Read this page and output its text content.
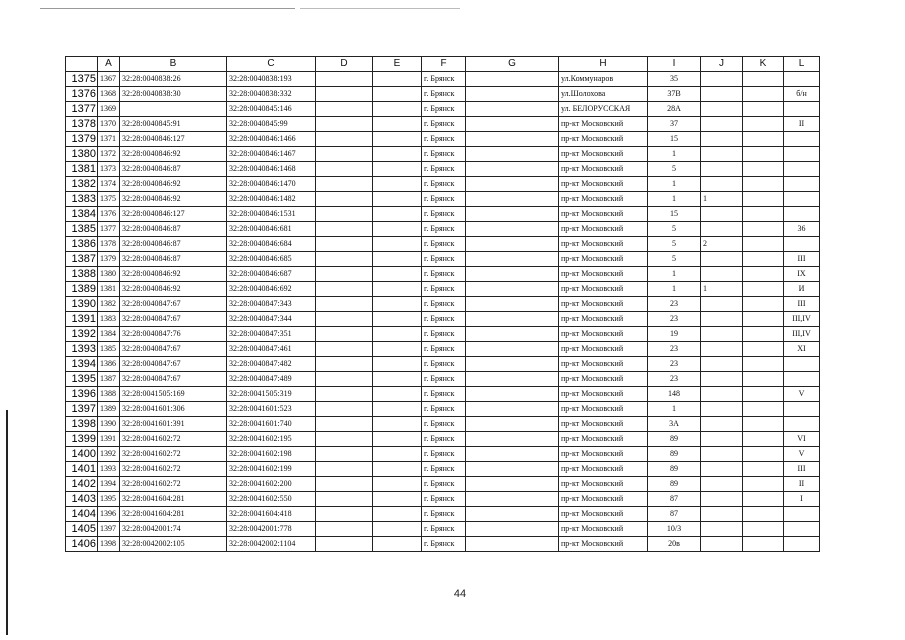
	A	B	C	D	E	F	G	H	I	J	K	L
1375	1367	32:28:0040838:26	32:28:0040838:193			г. Брянск		ул.Коммунаров	35			
1376	1368	32:28:0040838:30	32:28:0040838:332			г. Брянск		ул.Шолохова	37В			б/н
1377	1369		32:28:0040845:146			г. Брянск		ул. БЕЛОРУССКАЯ	28А			
1378	1370	32:28:0040845:91	32:28:0040845:99			г. Брянск		пр-кт Московский	37			II
1379	1371	32:28:0040846:127	32:28:0040846:1466			г. Брянск		пр-кт Московский	15			
1380	1372	32:28:0040846:92	32:28:0040846:1467			г. Брянск		пр-кт Московский	1			
1381	1373	32:28:0040846:87	32:28:0040846:1468			г. Брянск		пр-кт Московский	5			
1382	1374	32:28:0040846:92	32:28:0040846:1470			г. Брянск		пр-кт Московский	1			
1383	1375	32:28:0040846:92	32:28:0040846:1482			г. Брянск		пр-кт Московский	1	1		
1384	1376	32:28:0040846:127	32:28:0040846:1531			г. Брянск		пр-кт Московский	15			
1385	1377	32:28:0040846:87	32:28:0040846:681			г. Брянск		пр-кт Московский	5			36
1386	1378	32:28:0040846:87	32:28:0040846:684			г. Брянск		пр-кт Московский	5	2		
1387	1379	32:28:0040846:87	32:28:0040846:685			г. Брянск		пр-кт Московский	5			III
1388	1380	32:28:0040846:92	32:28:0040846:687			г. Брянск		пр-кт Московский	1			IX
1389	1381	32:28:0040846:92	32:28:0040846:692			г. Брянск		пр-кт Московский	1	1		И
1390	1382	32:28:0040847:67	32:28:0040847:343			г. Брянск		пр-кт Московский	23			III
1391	1383	32:28:0040847:67	32:28:0040847:344			г. Брянск		пр-кт Московский	23			III,IV
1392	1384	32:28:0040847:76	32:28:0040847:351			г. Брянск		пр-кт Московский	19			III,IV
1393	1385	32:28:0040847:67	32:28:0040847:461			г. Брянск		пр-кт Московский	23			XI
1394	1386	32:28:0040847:67	32:28:0040847:482			г. Брянск		пр-кт Московский	23			
1395	1387	32:28:0040847:67	32:28:0040847:489			г. Брянск		пр-кт Московский	23			
1396	1388	32:28:0041505:169	32:28:0041505:319			г. Брянск		пр-кт Московский	148			V
1397	1389	32:28:0041601:306	32:28:0041601:523			г. Брянск		пр-кт Московский	1			
1398	1390	32:28:0041601:391	32:28:0041601:740			г. Брянск		пр-кт Московский	3А			
1399	1391	32:28:0041602:72	32:28:0041602:195			г. Брянск		пр-кт Московский	89			VI
1400	1392	32:28:0041602:72	32:28:0041602:198			г. Брянск		пр-кт Московский	89			V
1401	1393	32:28:0041602:72	32:28:0041602:199			г. Брянск		пр-кт Московский	89			III
1402	1394	32:28:0041602:72	32:28:0041602:200			г. Брянск		пр-кт Московский	89			II
1403	1395	32:28:0041604:281	32:28:0041602:550			г. Брянск		пр-кт Московский	87			I
1404	1396	32:28:0041604:281	32:28:0041604:418			г. Брянск		пр-кт Московский	87			
1405	1397	32:28:0042001:74	32:28:0042001:778			г. Брянск		пр-кт Московский	10/3			
1406	1398	32:28:0042002:105	32:28:0042002:1104			г. Брянск		пр-кт Московский	20в			
44
